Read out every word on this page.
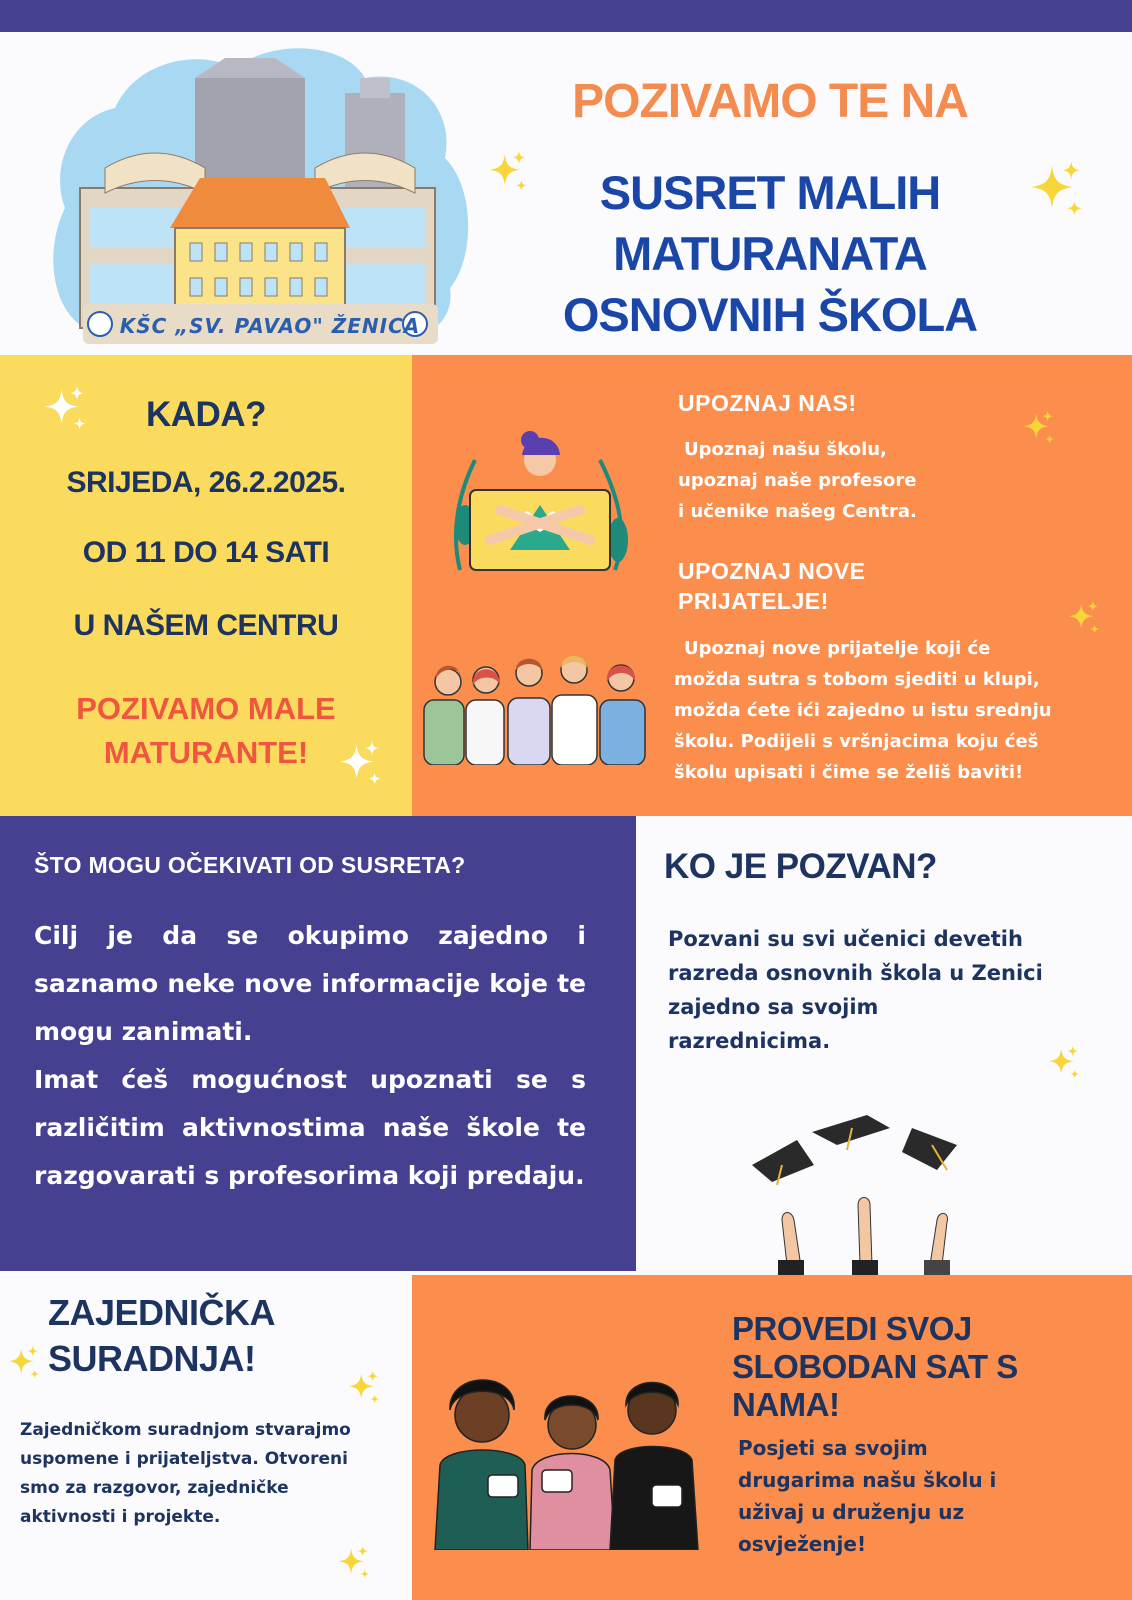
KŠC „SV. PAVAO" ŽENICA
POZIVAMO TE NA
SUSRET MALIH
MATURANATA
OSNOVNIH ŠKOLA
KADA?
SRIJEDA, 26.2.2025.
OD 11 DO 14 SATI
U NAŠEM CENTRU
POZIVAMO MALE
MATURANTE!
UPOZNAJ NAS!
Upoznaj našu školu,
upoznaj naše profesore
i učenike našeg Centra.
UPOZNAJ NOVE
PRIJATELJE!
Upoznaj nove prijatelje koji će
možda sutra s tobom sjediti u klupi,
možda ćete ići zajedno u istu srednju
školu. Podijeli s vršnjacima koju ćeš
školu upisati i čime se želiš baviti!
ŠTO MOGU OČEKIVATI OD SUSRETA?

Cilj je da se okupimo zajedno i saznamo neke nove informacije koje te mogu zanimati.

Imat ćeš mogućnost upoznati se s različitim aktivnostima naše škole te razgovarati s profesorima koji predaju.

KO JE POZVAN?
Pozvani su svi učenici devetih
razreda osnovnih škola u Zenici
zajedno sa svojim
razrednicima.
ZAJEDNIČKA
SURADNJA!
Zajedničkom suradnjom stvarajmo
uspomene i prijateljstva. Otvoreni
smo za razgovor, zajedničke
aktivnosti i projekte.
PROVEDI SVOJ
SLOBODAN SAT S
NAMA!
Posjeti sa svojim
drugarima našu školu i
uživaj u druženju uz
osvježenje!
